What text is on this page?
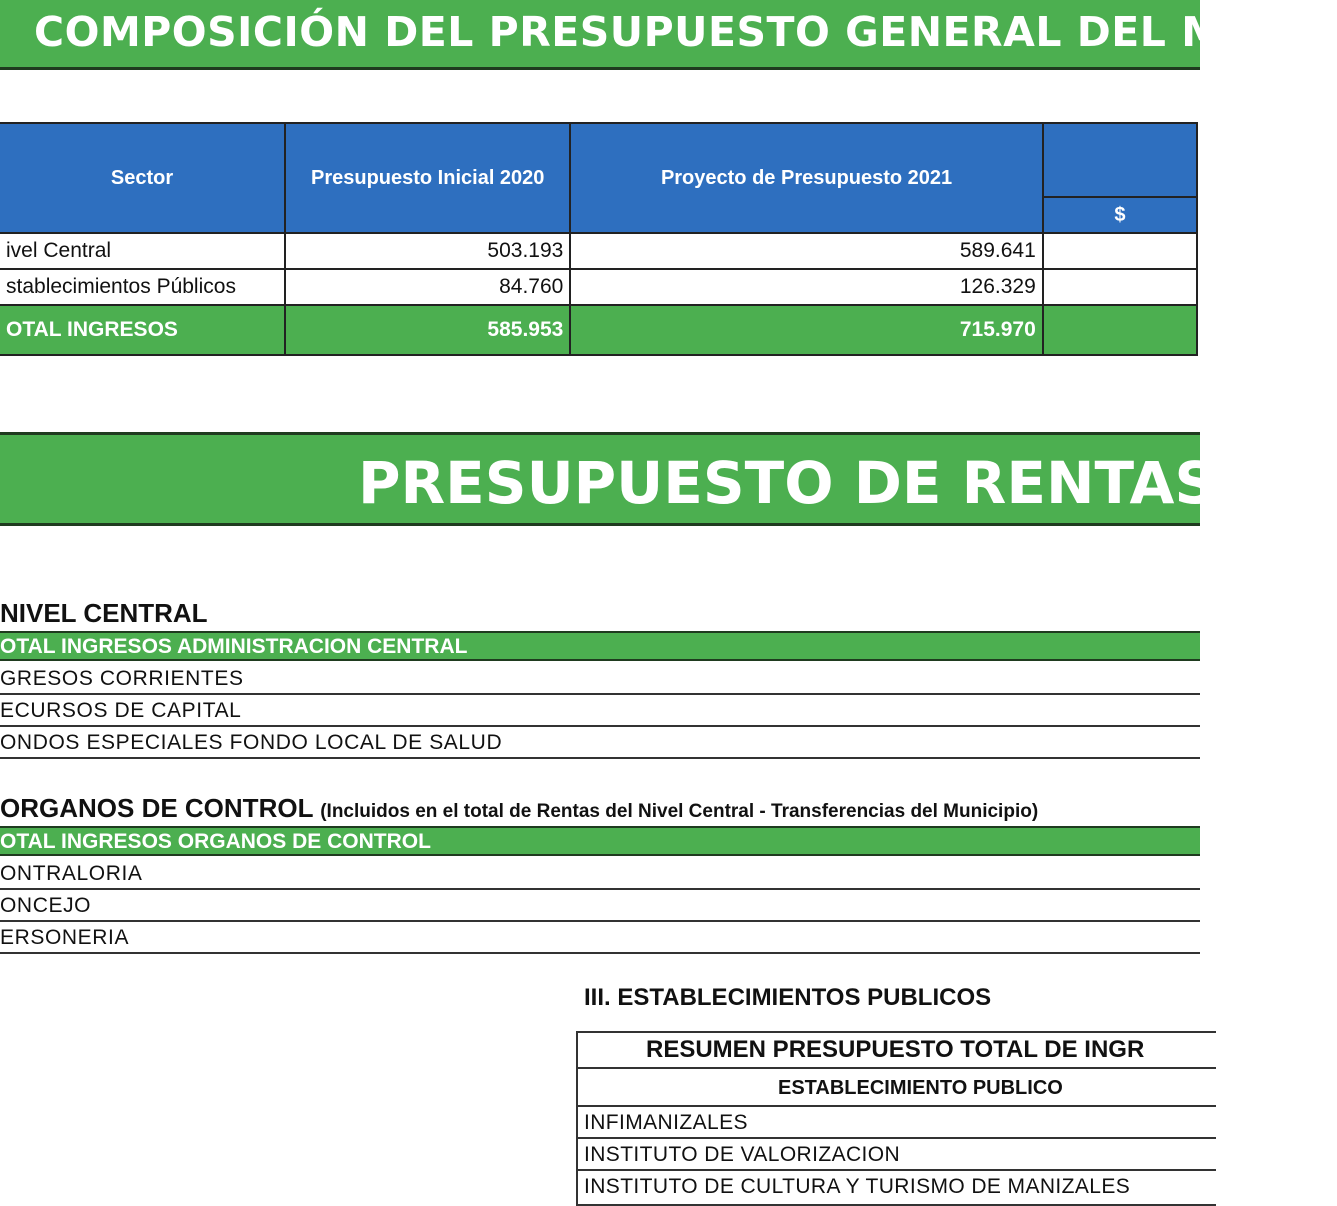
COMPOSICIÓN DEL PRESUPUESTO GENERAL DEL MUNIC
Sector	Presupuesto Inicial 2020	Proyecto de Presupuesto 2021	
			$
ivel Central	503.193	589.641	
stablecimientos Públicos	84.760	126.329	
OTAL INGRESOS	585.953	715.970	
PRESUPUESTO DE RENTAS
NIVEL CENTRAL
OTAL INGRESOS ADMINISTRACION CENTRAL
GRESOS CORRIENTES
ECURSOS DE CAPITAL
ONDOS ESPECIALES FONDO LOCAL DE SALUD
ORGANOS DE CONTROL (Incluidos en el total de Rentas del Nivel Central - Transferencias del Municipio)
OTAL INGRESOS ORGANOS DE CONTROL
ONTRALORIA
ONCEJO
ERSONERIA
III. ESTABLECIMIENTOS PUBLICOS
RESUMEN PRESUPUESTO TOTAL DE INGR
ESTABLECIMIENTO PUBLICO
INFIMANIZALES
INSTITUTO DE VALORIZACION
INSTITUTO DE CULTURA Y TURISMO DE MANIZALES
